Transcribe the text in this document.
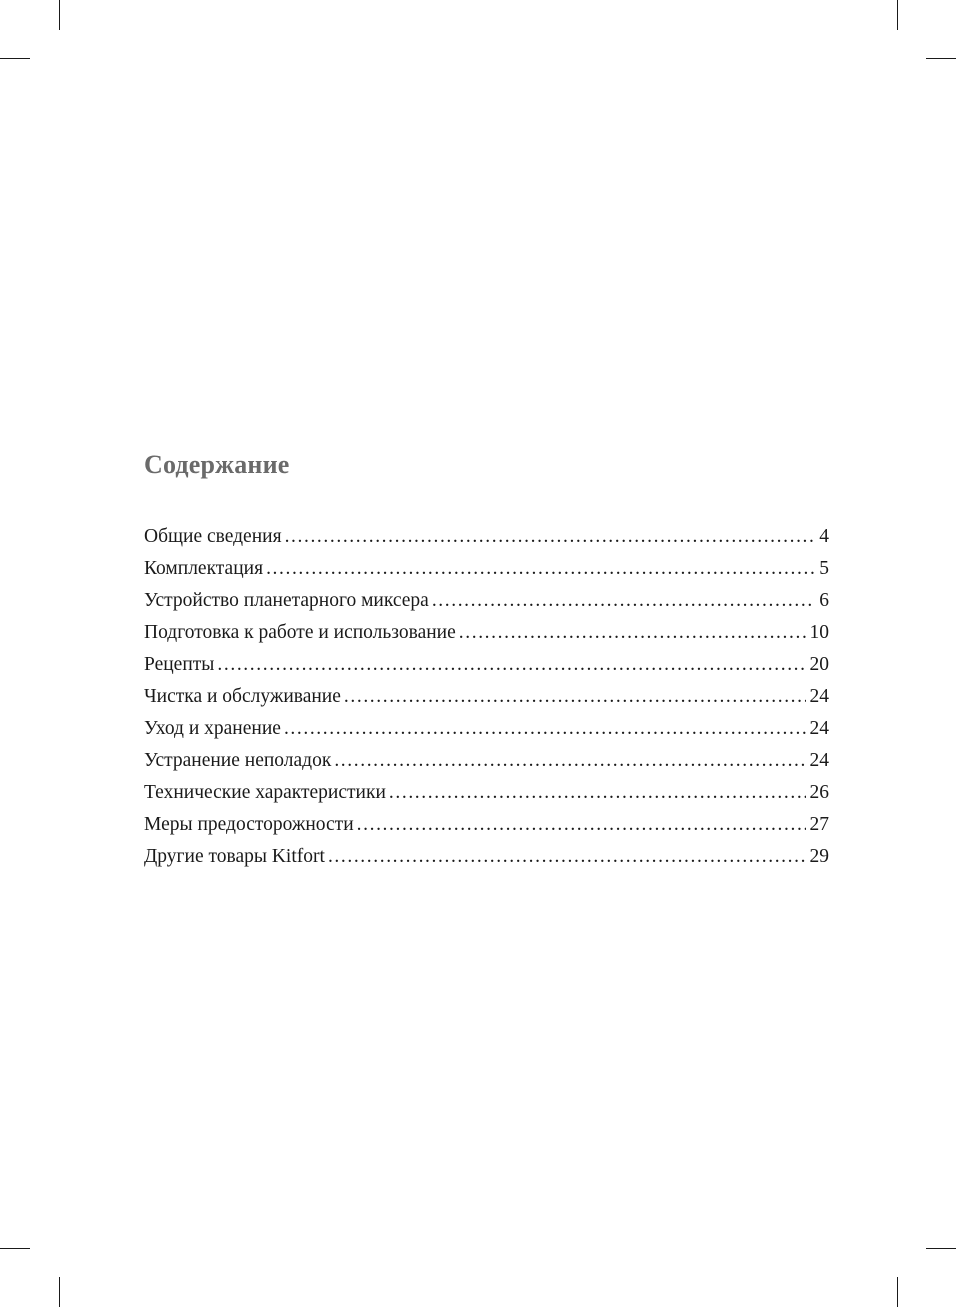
Содержание
Общие сведения .....	4
Комплектация .....	5
Устройство планетарного миксера .....	6
Подготовка к работе и использование .....	10
Рецепты .....	20
Чистка и обслуживание .....	24
Уход и хранение .....	24
Устранение неполадок .....	24
Технические характеристики .....	26
Меры предосторожности .....	27
Другие товары Kitfort .....	29
